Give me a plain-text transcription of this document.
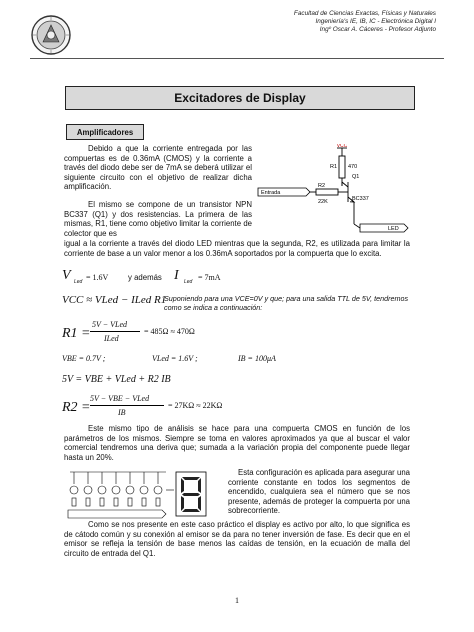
Facultad de Ciencias Exactas, Físicas y Naturales
Ingeniería's IE, IB, IC - Electrónica Digital I
Ingº Oscar A. Cáceres - Profesor Adjunto
Excitadores de Display
Amplificadores

Debido a que la corriente entregada por las compuertas es de 0.36mA (CMOS) y la corriente a través del diodo debe ser de 7mA se deberá utilizar el siguiente circuito con el objetivo de realizar dicha amplificación.

El mismo se compone de un transistor NPN BC337 (Q1) y dos resistencias. La primera de las mismas, R1, tiene como objetivo limitar la corriente de colector que es

igual a la corriente a través del diodo LED mientras que la segunda, R2, es utilizada para limitar la corriente de base a un valor menor a los 0.36mA soportados por la compuerta que lo excita.

VCC
R1 470
R2
22K
Q1
BC337
Entrada
LED
V Led = 1.6V	y además I Led = 7mA
VCC ≈ VLed − ILed R1
Suponiendo para una VCE=0V y que; para una salida TTL de 5V, tendremos como se indica a continuación:
R1 =
5V − VLed
ILed
= 485Ω ≈ 470Ω
VBE = 0.7V ;	VLed = 1.6V ;	IB = 100μA
5V = VBE + VLed + R2 IB
R2 =
5V − VBE − VLed
IB
= 27KΩ ≈ 22KΩ

Este mismo tipo de análisis se hace para una compuerta CMOS en función de los parámetros de los mismos. Siempre se toma en valores aproximados ya que al buscar el valor comercial tendremos una deriva que; sumada a la variación propia del componente puede llegar hasta un 20%.

Esta configuración es aplicada para asegurar una corriente constante en todos los segmentos de encendido, cualquiera sea el número que se nos presente, además de proteger la compuerta por una sobrecorriente.

Como se nos presente en este caso práctico el display es activo por alto, lo que significa es de cátodo común y su conexión al emisor se da para no tener inversión de fase. Es decir que en el emisor se refleja la tensión de base menos las caídas de tensión, en la ecuación de malla del circuito de entrada del Q1.

1
